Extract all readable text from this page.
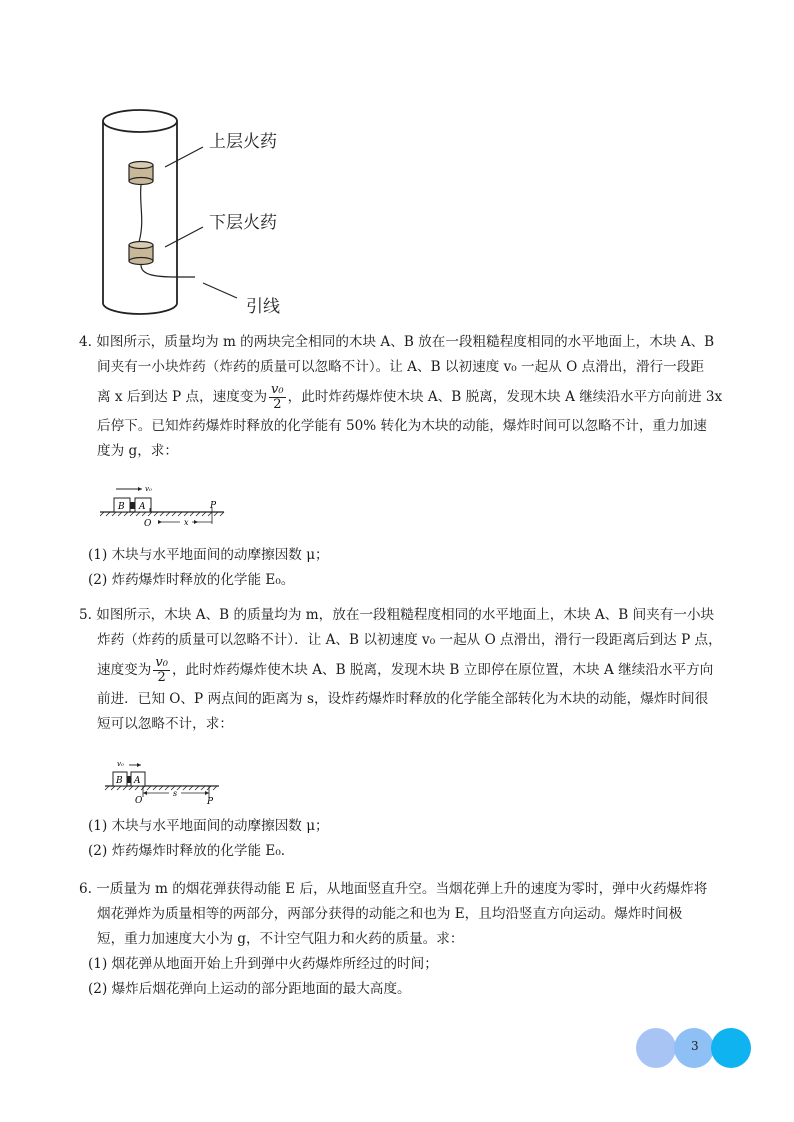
上层火药
下层火药
引线

4. 如图所示，质量均为 m 的两块完全相同的木块 A、B 放在一段粗糙程度相同的水平地面上，木块 A、B

间夹有一小块炸药（炸药的质量可以忽略不计）。让 A、B 以初速度 v₀ 一起从 O 点滑出，滑行一段距

离 x 后到达 P 点，速度变为 $\frac{\text{v₀}}{2}$ ，此时炸药爆炸使木块 A、B 脱离，发现木块 A 继续沿水平方向前进 3x

后停下。已知炸药爆炸时释放的化学能有 50% 转化为木块的动能，爆炸时间可以忽略不计，重力加速

度为 g，求：

v₀
B A	P
O	x
(1) 木块与水平地面间的动摩擦因数 μ；
(2) 炸药爆炸时释放的化学能 E₀。

5. 如图所示，木块 A、B 的质量均为 m，放在一段粗糙程度相同的水平地面上，木块 A、B 间夹有一小块

炸药（炸药的质量可以忽略不计）．让 A、B 以初速度 v₀ 一起从 O 点滑出，滑行一段距离后到达 P 点，

速度变为 $\frac{\text{v₀}}{2}$ ，此时炸药爆炸使木块 A、B 脱离，发现木块 B 立即停在原位置，木块 A 继续沿水平方向

前进．已知 O、P 两点间的距离为 s，设炸药爆炸时释放的化学能全部转化为木块的动能，爆炸时间很

短可以忽略不计，求：

v₀
B A
O
s
P
(1) 木块与水平地面间的动摩擦因数 μ；
(2) 炸药爆炸时释放的化学能 E₀.

6. 一质量为 m 的烟花弹获得动能 E 后，从地面竖直升空。当烟花弹上升的速度为零时，弹中火药爆炸将

烟花弹炸为质量相等的两部分，两部分获得的动能之和也为 E，且均沿竖直方向运动。爆炸时间极

短，重力加速度大小为 g，不计空气阻力和火药的质量。求：

(1) 烟花弹从地面开始上升到弹中火药爆炸所经过的时间；
(2) 爆炸后烟花弹向上运动的部分距地面的最大高度。
3
